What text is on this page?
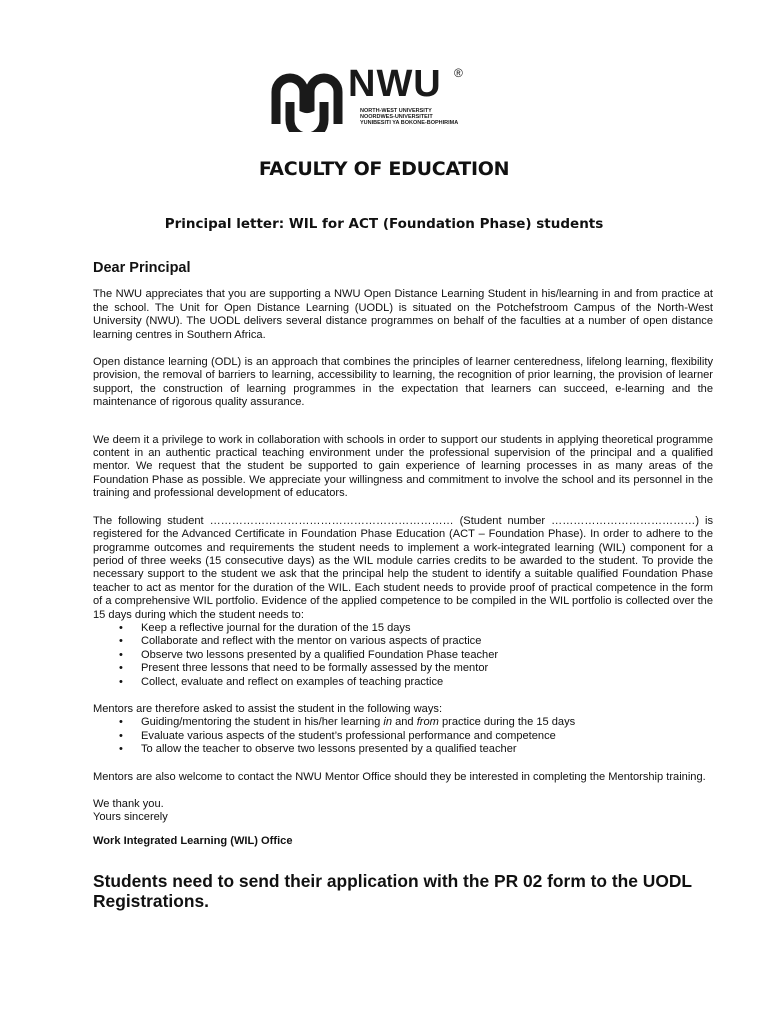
NWU ®
NORTH-WEST UNIVERSITY
NOORDWES-UNIVERSITEIT
YUNIBESITI YA BOKONE-BOPHIRIMA
FACULTY OF EDUCATION
Principal letter: WIL for ACT (Foundation Phase) students
Dear Principal

The NWU appreciates that you are supporting a NWU Open Distance Learning Student in his/learning in and from practice at the school. The Unit for Open Distance Learning (UODL) is situated on the Potchefstroom Campus of the North-West University (NWU). The UODL delivers several distance programmes on behalf of the faculties at a number of open distance learning centres in Southern Africa.

Open distance learning (ODL) is an approach that combines the principles of learner centeredness, lifelong learning, flexibility provision, the removal of barriers to learning, accessibility to learning, the recognition of prior learning, the provision of learner support, the construction of learning programmes in the expectation that learners can succeed, e-learning and the maintenance of rigorous quality assurance.

We deem it a privilege to work in collaboration with schools in order to support our students in applying theoretical programme content in an authentic practical teaching environment under the professional supervision of the principal and a qualified mentor. We request that the student be supported to gain experience of learning processes in as many areas of the Foundation Phase as possible. We appreciate your willingness and commitment to involve the school and its personnel in the training and professional development of educators.

The following student ………………………………………………………… (Student number …………………………………) is registered for the Advanced Certificate in Foundation Phase Education (ACT – Foundation Phase). In order to adhere to the programme outcomes and requirements the student needs to implement a work-integrated learning (WIL) component for a period of three weeks (15 consecutive days) as the WIL module carries credits to be awarded to the student. To provide the necessary support to the student we ask that the principal help the student to identify a suitable qualified Foundation Phase teacher to act as mentor for the duration of the WIL. Each student needs to provide proof of practical competence in the form of a comprehensive WIL portfolio. Evidence of the applied competence to be compiled in the WIL portfolio is collected over the 15 days during which the student needs to:

• Keep a reflective journal for the duration of the 15 days
• Collaborate and reflect with the mentor on various aspects of practice
• Observe two lessons presented by a qualified Foundation Phase teacher
• Present three lessons that need to be formally assessed by the mentor
• Collect, evaluate and reflect on examples of teaching practice

Mentors are therefore asked to assist the student in the following ways:

• Guiding/mentoring the student in his/her learning in and from practice during the 15 days
• Evaluate various aspects of the student’s professional performance and competence
• To allow the teacher to observe two lessons presented by a qualified teacher

Mentors are also welcome to contact the NWU Mentor Office should they be interested in completing the Mentorship training.

We thank you.
Yours sincerely
Work Integrated Learning (WIL) Office
Students need to send their application with the PR 02 form to the UODL Registrations.
